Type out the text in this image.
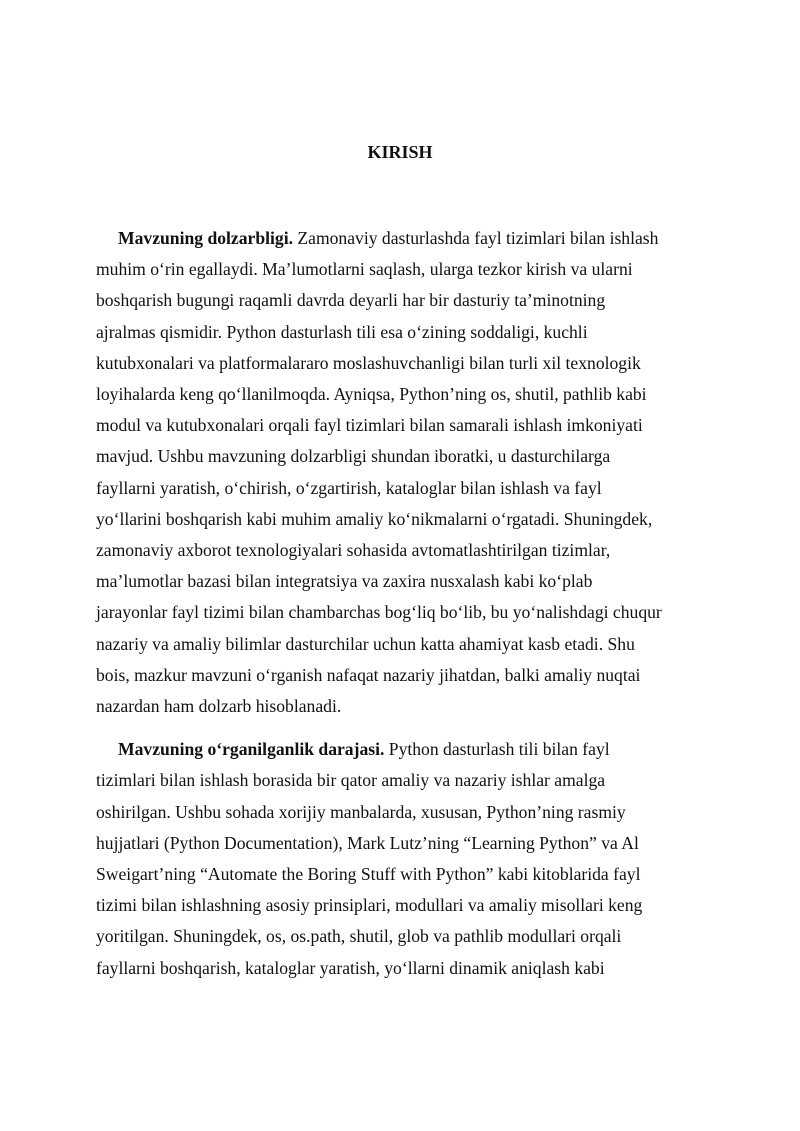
KIRISH

Mavzuning dolzarbligi. Zamonaviy dasturlashda fayl tizimlari bilan ishlash
muhim o‘rin egallaydi. Ma’lumotlarni saqlash, ularga tezkor kirish va ularni
boshqarish bugungi raqamli davrda deyarli har bir dasturiy ta’minotning
ajralmas qismidir. Python dasturlash tili esa o‘zining soddaligi, kuchli
kutubxonalari va platformalararo moslashuvchanligi bilan turli xil texnologik
loyihalarda keng qo‘llanilmoqda. Ayniqsa, Python’ning os, shutil, pathlib kabi
modul va kutubxonalari orqali fayl tizimlari bilan samarali ishlash imkoniyati
mavjud. Ushbu mavzuning dolzarbligi shundan iboratki, u dasturchilarga
fayllarni yaratish, o‘chirish, o‘zgartirish, kataloglar bilan ishlash va fayl
yo‘llarini boshqarish kabi muhim amaliy ko‘nikmalarni o‘rgatadi. Shuningdek,
zamonaviy axborot texnologiyalari sohasida avtomatlashtirilgan tizimlar,
ma’lumotlar bazasi bilan integratsiya va zaxira nusxalash kabi ko‘plab
jarayonlar fayl tizimi bilan chambarchas bog‘liq bo‘lib, bu yo‘nalishdagi chuqur
nazariy va amaliy bilimlar dasturchilar uchun katta ahamiyat kasb etadi. Shu
bois, mazkur mavzuni o‘rganish nafaqat nazariy jihatdan, balki amaliy nuqtai
nazardan ham dolzarb hisoblanadi.

Mavzuning o‘rganilganlik darajasi. Python dasturlash tili bilan fayl
tizimlari bilan ishlash borasida bir qator amaliy va nazariy ishlar amalga
oshirilgan. Ushbu sohada xorijiy manbalarda, xususan, Python’ning rasmiy
hujjatlari (Python Documentation), Mark Lutz’ning “Learning Python” va Al
Sweigart’ning “Automate the Boring Stuff with Python” kabi kitoblarida fayl
tizimi bilan ishlashning asosiy prinsiplari, modullari va amaliy misollari keng
yoritilgan. Shuningdek, os, os.path, shutil, glob va pathlib modullari orqali
fayllarni boshqarish, kataloglar yaratish, yo‘llarni dinamik aniqlash kabi
